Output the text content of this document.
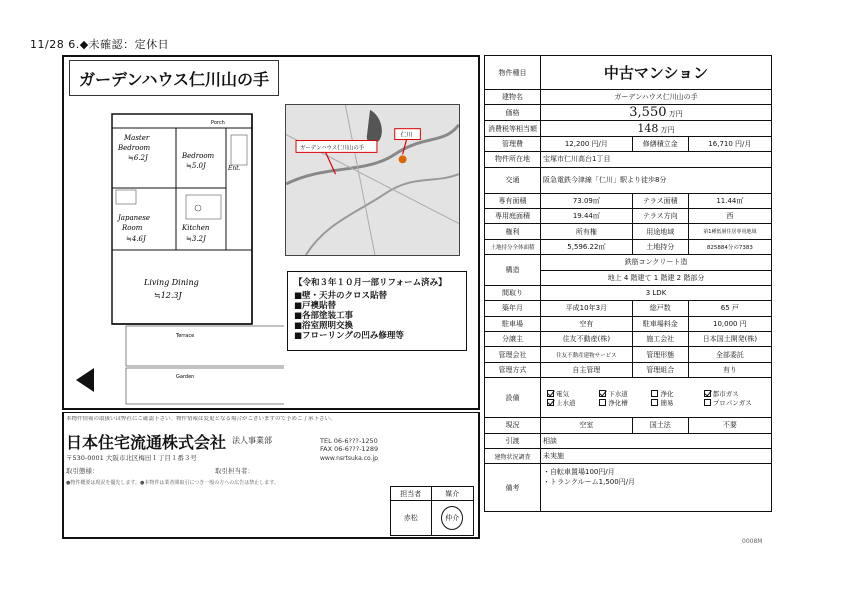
11/28 6.◆未確認：定休日
ガーデンハウス仁川山の手
Porch
Master
Bedroom
≒6.2J	Bedroom
≒5.0J	Ent.
Japanese
Room
≒4.6J
Kitchen
≒3.2J
Living Dining
≒12.3J
Terrace
Garden
ガーデンハウス仁川山の手
仁川
【令和３年１０月一部リフォーム済み】
■壁・天井のクロス貼替
■戸襖貼替
■各部塗装工事
■浴室照明交換
■フローリングの凹み修理等
本物件情報の取扱いは弊社にご確認下さい。物件情報は変更となる場合がございますので予めご了承下さい。
日本住宅流通株式会社 法人事業部	TEL 06-6???-1250
FAX 06-6???-1289
〒530-0001 大阪市北区梅田１丁目１番３号	www.nsrtsuka.co.jp
取引態様：	取引担当者：
●物件概要は現況を優先します。●本物件は業者間取引につき一般の方への広告は禁止します。
担当者	媒介
赤松	仲介
物件種目	中古マンション		
建物名	ガーデンハウス仁川山の手		
価格	3,550 万円		
消費税等相当額	148 万円		
管理費	12,200 円/月	修繕積立金	16,710 円/月
物件所在地	宝塚市仁川高台1丁目		
交通	阪急電鉄今津線「仁川」駅より徒歩8分		
専有面積	73.09㎡	テラス面積	11.44㎡
専用庭面積	19.44㎡	テラス方向	西
権利	所有権	用途地域	第1種低層住居専用地域
土地持分全体面積	5,596.22㎡	土地持分	825884分の7383
構造	鉄筋コンクリート造		
	地上 4 階建て 1 階建 2 階部分		
間取り	3 LDK		
築年月	平成10年3月	総戸数	65 戸
駐車場	空有	駐車場料金	10,000 円
分譲主	住友不動産(株)	施工会社	日本国土開発(株)
管理会社	住友不動産建物サービス	管理形態	全部委託
管理方式	自主管理	管理組合	有り
設備	電気 下水道 浄化 都市ガス
上水道 浄化槽 簡易 プロパンガス		
現況	空室	国土法	不要
引渡	相談		
建物状況調査	未実施		
備考	・自転車置場100円/月
・トランクルーム1,500円/月		
0008M
